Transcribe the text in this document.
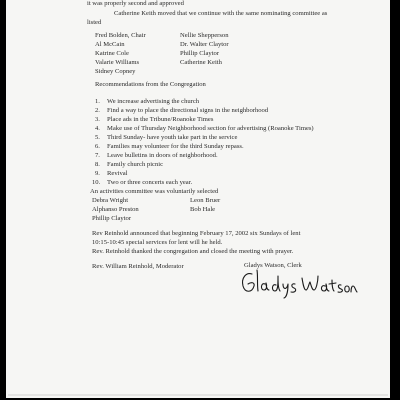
it was properly second and approved
Catherine Keith moved that we continue with the same nominating committee as
listed
Fred Bolden, Chair
Al McCain
Katrine Cole
Valarie Williams
Sidney Copney
Nellie Shepperson
Dr. Walter Claytor
Phillip Claytor
Catherine Keith
Recommendations from the Congregation
1. We increase advertising the church
2. Find a way to place the directional signs in the neighborhood
3. Place ads in the Tribune/Roanoke Times
4. Make use of Thursday Neighborhood section for advertising (Roanoke Times)
5. Third Sunday- have youth take part in the service
6. Families may volunteer for the third Sunday repass.
7. Leave bulletins in doors of neighborhood.
8. Family church picnic
9. Revival
10. Two or three concerts each year.
An activities committee was voluntarily selected
Debra Wright
Alphanso Preston
Phillip Claytor
Leon Bruer
Bob Hale
Rev Reinhold announced that beginning February 17, 2002 six Sundays of lent
10:15-10:45 special services for lent will he held.
Rev. Reinhold thanked the congregation and closed the meeting with prayer.
Rev. William Reinhold, Moderator	Gladys Watson, Clerk
